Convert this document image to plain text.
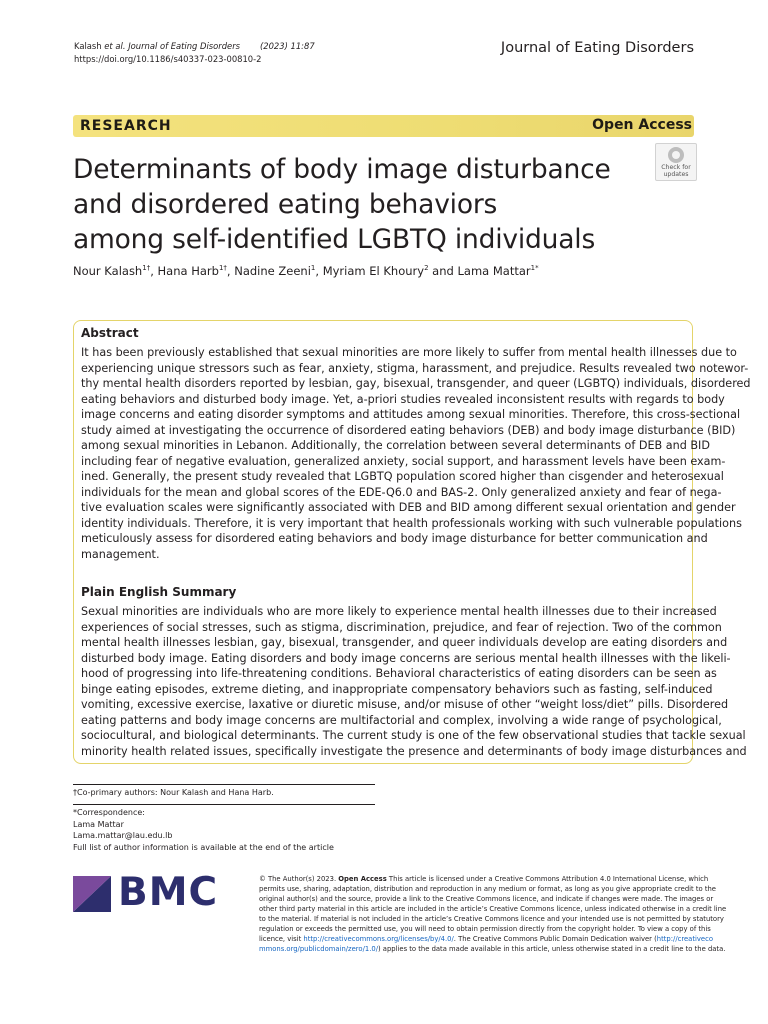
Kalash et al. Journal of Eating Disorders (2023) 11:87
https://doi.org/10.1186/s40337-023-00810-2
Journal of Eating Disorders
RESEARCH	Open Access
Check for
updates
Determinants of body image disturbance
and disordered eating behaviors
among self-identified LGBTQ individuals
Nour Kalash$^{1\dagger}$, Hana Harb$^{1\dagger}$, Nadine Zeeni$^1$, Myriam El Khoury$^2$ and Lama Mattar$^{1*}$
Abstract
It has been previously established that sexual minorities are more likely to suffer from mental health illnesses due to
experiencing unique stressors such as fear, anxiety, stigma, harassment, and prejudice. Results revealed two notewor-
thy mental health disorders reported by lesbian, gay, bisexual, transgender, and queer (LGBTQ) individuals, disordered
eating behaviors and disturbed body image. Yet, a-priori studies revealed inconsistent results with regards to body
image concerns and eating disorder symptoms and attitudes among sexual minorities. Therefore, this cross-sectional
study aimed at investigating the occurrence of disordered eating behaviors (DEB) and body image disturbance (BID)
among sexual minorities in Lebanon. Additionally, the correlation between several determinants of DEB and BID
including fear of negative evaluation, generalized anxiety, social support, and harassment levels have been exam-
ined. Generally, the present study revealed that LGBTQ population scored higher than cisgender and heterosexual
individuals for the mean and global scores of the EDE-Q6.0 and BAS-2. Only generalized anxiety and fear of nega-
tive evaluation scales were significantly associated with DEB and BID among different sexual orientation and gender
identity individuals. Therefore, it is very important that health professionals working with such vulnerable populations
meticulously assess for disordered eating behaviors and body image disturbance for better communication and
management.
Plain English Summary
Sexual minorities are individuals who are more likely to experience mental health illnesses due to their increased
experiences of social stresses, such as stigma, discrimination, prejudice, and fear of rejection. Two of the common
mental health illnesses lesbian, gay, bisexual, transgender, and queer individuals develop are eating disorders and
disturbed body image. Eating disorders and body image concerns are serious mental health illnesses with the likeli-
hood of progressing into life-threatening conditions. Behavioral characteristics of eating disorders can be seen as
binge eating episodes, extreme dieting, and inappropriate compensatory behaviors such as fasting, self-induced
vomiting, excessive exercise, laxative or diuretic misuse, and/or misuse of other “weight loss/diet” pills. Disordered
eating patterns and body image concerns are multifactorial and complex, involving a wide range of psychological,
sociocultural, and biological determinants. The current study is one of the few observational studies that tackle sexual
minority health related issues, specifically investigate the presence and determinants of body image disturbances and
†Co-primary authors: Nour Kalash and Hana Harb.
*Correspondence:
Lama Mattar
Lama.mattar@lau.edu.lb
Full list of author information is available at the end of the article
BMC	© The Author(s) 2023. Open Access This article is licensed under a Creative Commons Attribution 4.0 International License, which
permits use, sharing, adaptation, distribution and reproduction in any medium or format, as long as you give appropriate credit to the
original author(s) and the source, provide a link to the Creative Commons licence, and indicate if changes were made. The images or
other third party material in this article are included in the article’s Creative Commons licence, unless indicated otherwise in a credit line
to the material. If material is not included in the article’s Creative Commons licence and your intended use is not permitted by statutory
regulation or exceeds the permitted use, you will need to obtain permission directly from the copyright holder. To view a copy of this
licence, visit http://creativecommons.org/licenses/by/4.0/. The Creative Commons Public Domain Dedication waiver (http://creativeco
mmons.org/publicdomain/zero/1.0/) applies to the data made available in this article, unless otherwise stated in a credit line to the data.
